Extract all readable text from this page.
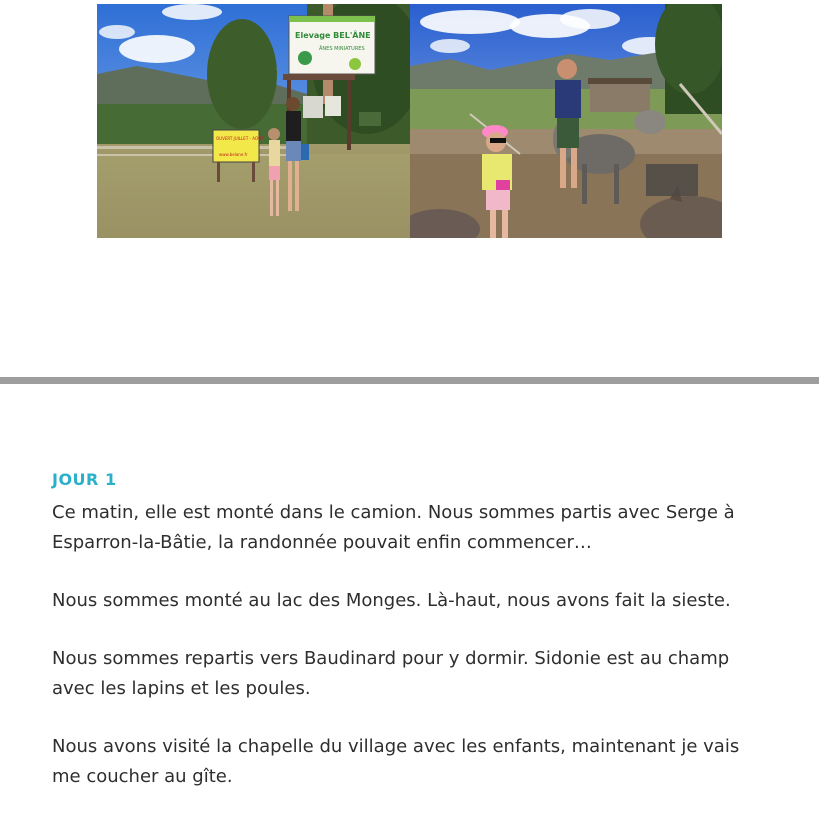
Elevage BEL'ÂNE
ÂNES MINIATURES
OUVERT JUILLET - AOÛT
www.belane.fr
JOUR 1

Ce matin, elle est monté dans le camion. Nous sommes partis avec Serge à Esparron-la-Bâtie, la randonnée pouvait enfin commencer…

Nous sommes monté au lac des Monges. Là-haut, nous avons fait la sieste.

Nous sommes repartis vers Baudinard pour y dormir. Sidonie est au champ avec les lapins et les poules.

Nous avons visité la chapelle du village avec les enfants, maintenant je vais me coucher au gîte.
